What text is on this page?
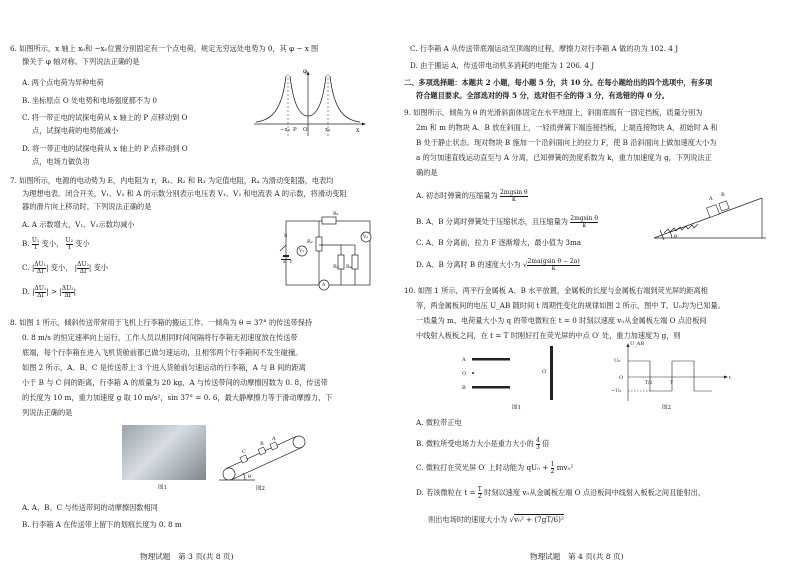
6. 如图所示，x 轴上 x₀和 −x₀位置分别固定有一个点电荷，规定无穷远处电势为 0，其 φ − x 图
像关于 φ 轴对称。下列说法正确的是
A. 两个点电荷为异种电荷
B. 坐标原点 O 处电势和电场强度都不为 0
C. 将一带正电的试探电荷从 x 轴上的 P 点移动到 O
点，试探电荷的电势能减小
D. 将一带正电的试探电荷从 x 轴上的 P 点移动到 O
点，电场力做负功
φ
x
−x₀ P O	x₀
7. 如图所示，电源的电动势为 E，内电阻为 r，R₁、R₂ 和 R₃ 为定值电阻，R₄ 为滑动变阻器，电表均
为理想电表。闭合开关，V₁、V₂ 和 A 的示数分别表示电压表 V₁、V₂ 和电流表 A 的示数，将滑动变阻
器的滑片向上移动时，下列说法正确的是
A. A 示数增大，V₁、V₂示数均减小
B. $\frac{\text{U₁}}{I}$ 变小， $\frac{\text{U₂}}{I}$ 变小
C. | $\frac{\text{ΔU₁}}{\Delta I}$ | 变小， | $\frac{\text{ΔU₂}}{\Delta I}$ | 变小
D. | $\frac{\text{ΔU₁}}{\Delta I}$ | > | $\frac{\text{ΔU₂}}{\Delta I}$ |
R₁
R₂
R₃ R₄
V₁
V₂
A
E r
S
8. 如图 1 所示，倾斜传送带常用于飞机上行李箱的搬运工作。一倾角为 θ = 37° 的传送带保持
0. 8 m/s 的恒定速率向上运行，工作人员以相同时间间隔将行李箱无初速度放在传送带
底端，每个行李箱在进入飞机货舱前都已做匀速运动，且相邻两个行李箱间不发生碰撞。
如图 2 所示，A、B、C 是传送带上 3 个进入货舱前匀速运动的行李箱，A 与 B 间的距离
小于 B 与 C 间的距离，行李箱 A 的质量为 20 kg，A 与传送带间的动摩擦因数为 0. 8，传送带
的长度为 10 m，重力加速度 g 取 10 m/s²，sin 37° = 0. 6，最大静摩擦力等于滑动摩擦力，下
列说法正确的是
图1
C
B
A
θ
图2
A. A、B、C 与传送带间的动摩擦因数相同
B. 行李箱 A 在传送带上留下的划痕长度为 0. 8 m
物理试题　第 3 页(共 8 页)
C. 行李箱 A 从传送带底端运动至顶端的过程，摩擦力对行李箱 A 做的功为 102. 4 J
D. 由于搬运 A，传送带电动机多消耗的电能为 1 206. 4 J
二、多项选择题：本题共 2 小题，每小题 5 分，共 10 分。在每小题给出的四个选项中，有多项
符合题目要求。全部选对的得 5 分，选对但不全的得 3 分，有选错的得 0 分。
9. 如图所示，倾角为 θ 的光滑斜面体固定在水平地面上，斜面底端有一固定挡板，质量分别为
2m 和 m 的物块 A、B 放在斜面上，一轻质弹簧下端连接挡板，上端连接物块 A，初始时 A 和
B 处于静止状态。现对物块 B 施加一个沿斜面向上的拉力 F，使 B 沿斜面向上做加速度大小为
a 的匀加速直线运动直至与 A 分离，已知弹簧的劲度系数为 k，重力加速度为 g，下列说法正
确的是
A. 初态时弹簧的压缩量为 $\frac{\text{2mgsin θ}}{k}$
B. A、B 分离时弹簧处于压缩状态，且压缩量为 $\frac{\text{2mgsin θ}}{k}$
C. A、B 分离前，拉力 F 逐渐增大，最小值为 3ma
D. A、B 分离时 B 的速度大小为 √ $\frac{\text{2ma(gsin θ − 2a)}}{k}$
A
B
θ
10. 如图 1 所示，两平行金属板 A、B 水平放置，金属板的长度与金属板右端到荧光屏的距离相
等，两金属板间的电压 U_AB 随时间 t 周期性变化的规律如图 2 所示，图中 T、U₀均为已知量。
一质量为 m、电荷量大小为 q 的带电微粒在 t = 0 时刻以速度 v₀从金属板左端 O 点沿板间
中线射入板板之间，在 t = T 时刚好打在荧光屏的中点 O′ 处，重力加速度为 g，则
A
O
B
O′
图1
U_AB
U₀
O
−U₀
t
T/2	T
图2
A. 微粒带正电
B. 微粒所受电场力大小是重力大小的 $\frac{4}{3}$ 倍
C. 微粒打在荧光屏 O′ 上时动能为 $qU_0 + \frac{1}{2} mv_0^2$
D. 若该微粒在 $t = \frac{T}{2}$ 时刻以速度 v₀从金属板左端 O 点沿板间中线射入板板之间且能射出，
则出电场时的速度大小为 √v₀² + (7gT/6)²
物理试题　第 4 页(共 8 页)
